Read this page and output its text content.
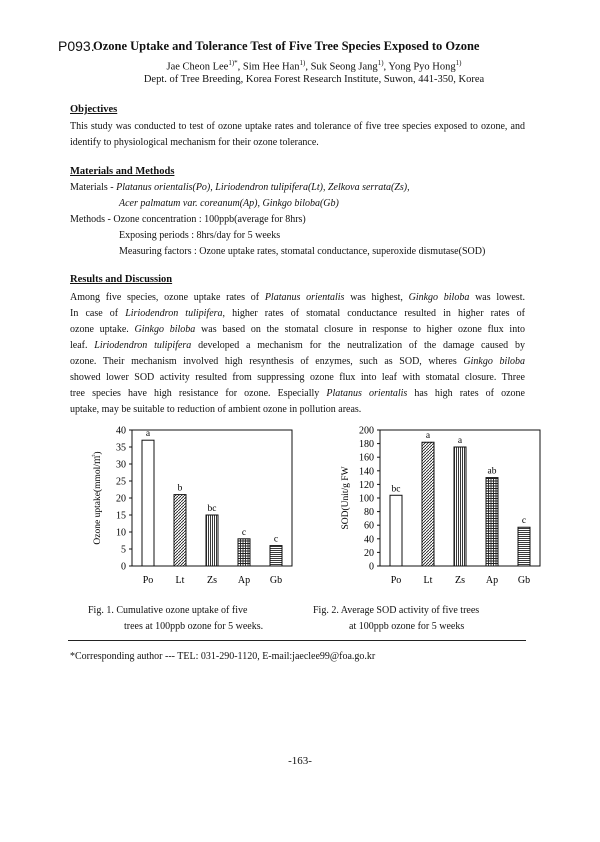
P093.
Ozone Uptake and Tolerance Test of Five Tree Species Exposed to Ozone
Jae Cheon Lee$^{1)*}$, Sim Hee Han$^{1)}$, Suk Seong Jang$^{1)}$, Yong Pyo Hong$^{1)}$
Dept. of Tree Breeding, Korea Forest Research Institute, Suwon, 441-350, Korea
Objectives
This study was conducted to test of ozone uptake rates and tolerance of five tree species exposed to ozone, and identify to physiological mechanism for their ozone tolerance.
Materials and Methods
Materials - Platanus orientalis(Po), Liriodendron tulipifera(Lt), Zelkova serrata(Zs),
Acer palmatum var. coreanum(Ap), Ginkgo biloba(Gb)
Methods - Ozone concentration : 100ppb(average for 8hrs)
Exposing periods : 8hrs/day for 5 weeks
Measuring factors : Ozone uptake rates, stomatal conductance, superoxide dismutase(SOD)
Results and Discussion
Among five species, ozone uptake rates of Platanus orientalis was highest, Ginkgo biloba was lowest.
In case of Liriodendron tulipifera, higher rates of stomatal conductance resulted in higher rates of
ozone uptake. Ginkgo biloba was based on the stomatal closure in response to higher ozone flux into
leaf. Liriodendron tulipifera developed a mechanism for the neutralization of the damage caused by
ozone. Their mechanism involved high resynthesis of enzymes, such as SOD, wheres Ginkgo biloba
showed lower SOD activity resulted from suppressing ozone flux into leaf with stomatal closure. Three
tree species have high resistance for ozone. Especially Platanus orientalis has high rates of ozone
uptake, may be suitable to reduction of ambient ozone in pollution areas.
0
5
10
15
20
25
30
35
40
Ozone uptake(mmol/㎡)
a
Po
b
Lt
bc
Zs
c
Ap
c
Gb
0
20
40
60
80
100
120
140
160
180
200
SOD(Unit/g FW	bc
Po
a
Lt
a
Zs
ab
Ap
c
Gb
Fig. 1. Cumulative ozone uptake of five
trees at 100ppb ozone for 5 weeks.
Fig. 2. Average SOD activity of five trees
at 100ppb ozone for 5 weeks
*Corresponding author --- TEL: 031-290-1120, E-mail:jaeclee99@foa.go.kr
-163-
